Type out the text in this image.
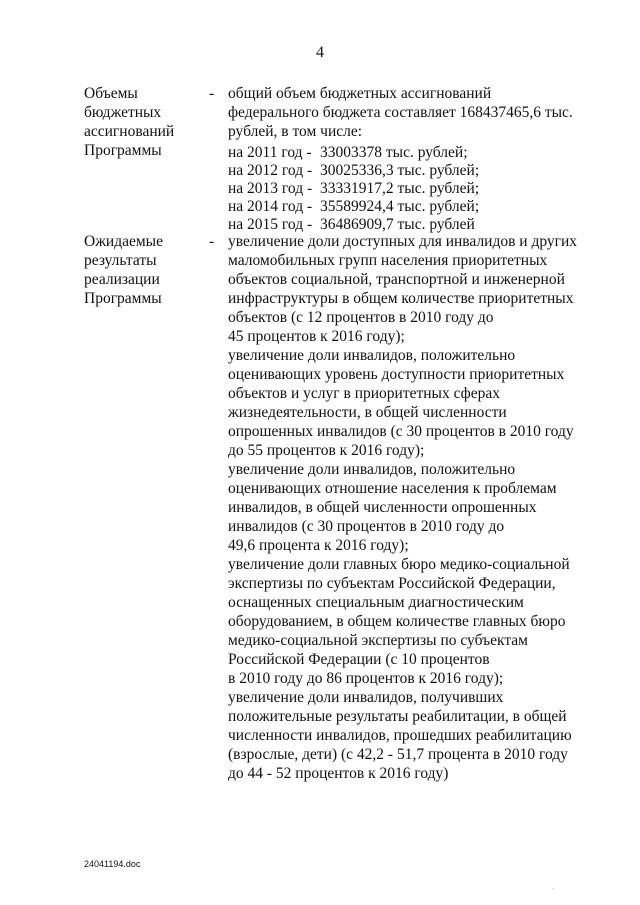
4
Объемы
бюджетных
ассигнований
Программы
- общий объем бюджетных ассигнований
федерального бюджета составляет 168437465,6 тыс.
рублей, в том числе:
на 2011 год - 33003378 тыс. рублей;
на 2012 год - 30025336,3 тыс. рублей;
на 2013 год - 33331917,2 тыс. рублей;
на 2014 год - 35589924,4 тыс. рублей;
на 2015 год - 36486909,7 тыс. рублей
Ожидаемые
результаты
реализации
Программы
- увеличение доли доступных для инвалидов и других
маломобильных групп населения приоритетных
объектов социальной, транспортной и инженерной
инфраструктуры в общем количестве приоритетных
объектов (с 12 процентов в 2010 году до
45 процентов к 2016 году);
увеличение доли инвалидов, положительно
оценивающих уровень доступности приоритетных
объектов и услуг в приоритетных сферах
жизнедеятельности, в общей численности
опрошенных инвалидов (с 30 процентов в 2010 году
до 55 процентов к 2016 году);
увеличение доли инвалидов, положительно
оценивающих отношение населения к проблемам
инвалидов, в общей численности опрошенных
инвалидов (с 30 процентов в 2010 году до
49,6 процента к 2016 году);
увеличение доли главных бюро медико-социальной
экспертизы по субъектам Российской Федерации,
оснащенных специальным диагностическим
оборудованием, в общем количестве главных бюро
медико-социальной экспертизы по субъектам
Российской Федерации (с 10 процентов
в 2010 году до 86 процентов к 2016 году);
увеличение доли инвалидов, получивших
положительные результаты реабилитации, в общей
численности инвалидов, прошедших реабилитацию
(взрослые, дети) (с 42,2 - 51,7 процента в 2010 году
до 44 - 52 процентов к 2016 году)
24041194.doc
.
